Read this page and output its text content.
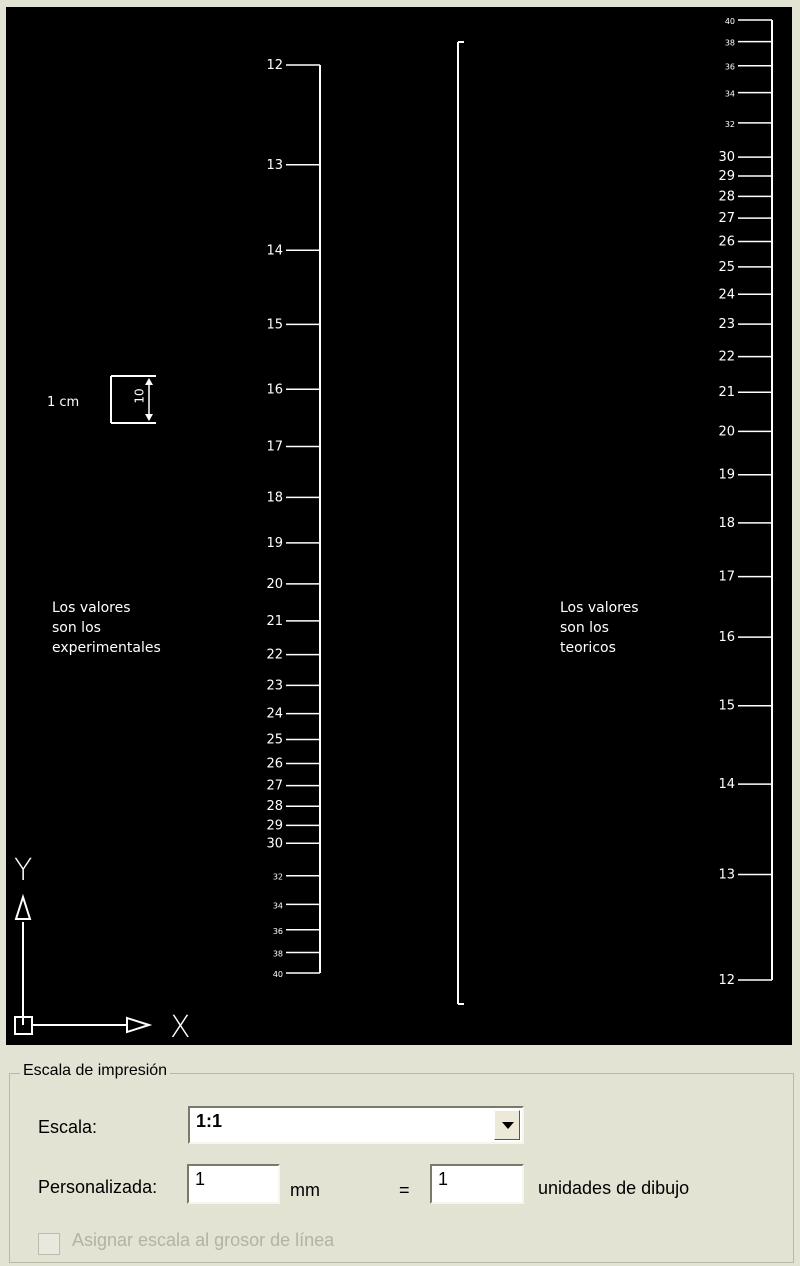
12
13
14
15
16
17
18
19
20
21
22
23
24
25
26
27
28
29
30
32
34
36
38
40	12
13
14
15
16
17
18
19
20
21
22
23
24
25
26
27
28
29
30
32
34
36
38
40
1 cm	10
Los valores
son los
experimentales
Los valores
son los
teoricos
Y
X
Escala de impresión
Escala:	1:1
Personalizada:	1
mm	=
1	unidades de dibujo
Asignar escala al grosor de línea
